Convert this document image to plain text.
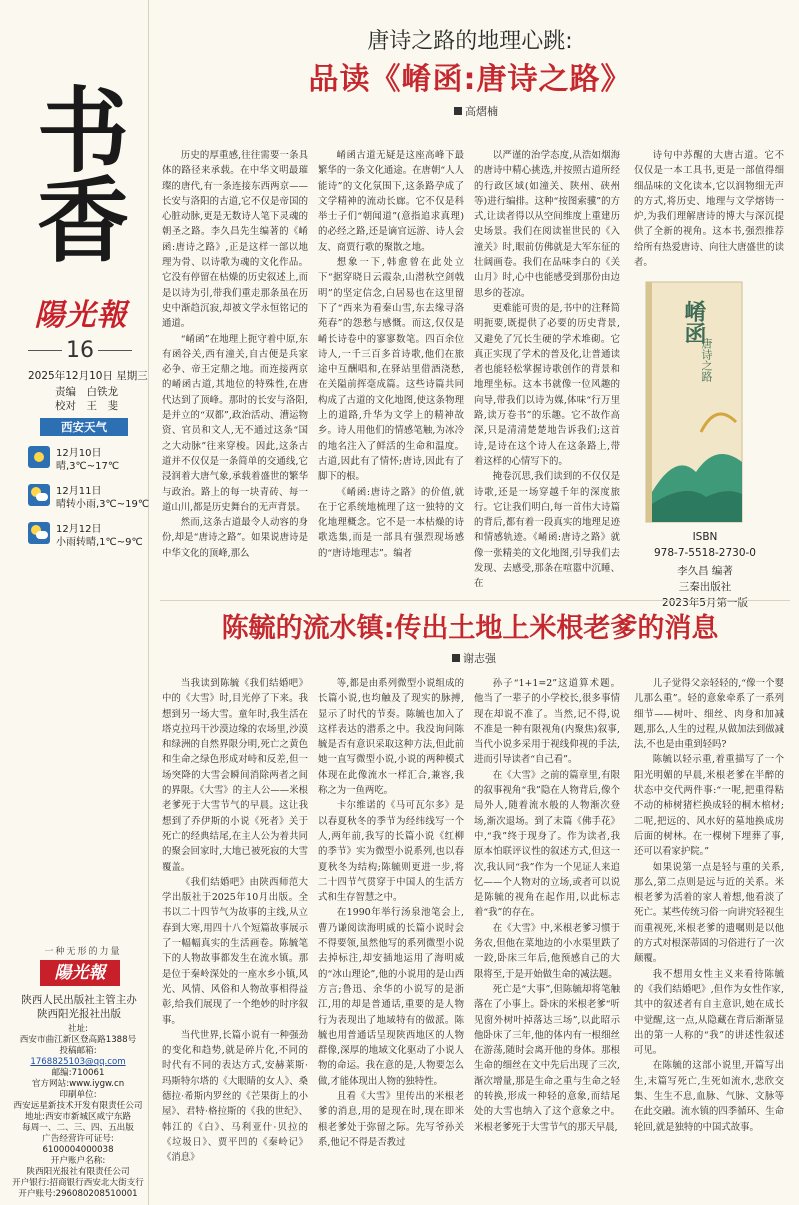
书
香
陽光報
16
2025年12月10日 星期三
责编　白铁龙
校对　王　斐
西安天气
12月10日
晴,3℃~17℃
12月11日
晴转小雨,3℃~19℃
12月12日
小雨转晴,1℃~9℃
一种无形的力量
陽光報
陕西人民出版社主管主办
陕西阳光报社出版
社址:
西安市曲江新区登高路1388号
投稿邮箱:
1768825103@qq.com
邮编:710061
官方网站:www.iygw.cn
印刷单位:
西安远星新技术开发有限责任公司
地址:西安市新城区咸宁东路
每周一、二、三、四、五出版
广告经营许可证号:
6100004000038
开户账户名称:
陕西阳光报社有限责任公司
开户银行:招商银行西安北大街支行
开户账号:296080208510001
唐诗之路的地理心跳:
品读《崤函:唐诗之路》
高熠楠

历史的厚重感,往往需要一条具体的路径来承载。在中华文明最璀璨的唐代,有一条连接东西两京——长安与洛阳的古道,它不仅是帝国的心脏动脉,更是无数诗人笔下灵魂的朝圣之路。李久昌先生编著的《崤函:唐诗之路》,正是这样一部以地理为骨、以诗歌为魂的文化作品。它没有停留在枯燥的历史叙述上,而是以诗为引,带我们重走那条虽在历史中渐趋沉寂,却被文学永恒铭记的通道。

“崤函”在地理上扼守着中原,东有函谷关,西有潼关,自古便是兵家必争、帝王定鼎之地。而连接两京的崤函古道,其地位的特殊性,在唐代达到了顶峰。那时的长安与洛阳,是并立的“双都”,政治活动、漕运物资、官员和文人,无不通过这条“国之大动脉”往来穿梭。因此,这条古道并不仅仅是一条简单的交通线,它浸润着大唐气象,承载着盛世的繁华与政治。路上的每一块青砖、每一道山川,都是历史舞台的无声背景。

然而,这条古道最令人动容的身份,却是“唐诗之路”。如果说唐诗是中华文化的顶峰,那么

崤函古道无疑是这座高峰下最繁华的一条文化通途。在唐朝“人人能诗”的文化氛围下,这条路孕成了文学精神的流动长廊。它不仅是科举士子们“朝闻道”(意指追求真理)的必经之路,还是谪官远游、诗人会友、商贾行歌的聚散之地。

想象一下,韩愈曾在此处立下“据穿晓日云霞杂,山潜秋空剑戟明”的坚定信念,白居易也在这里留下了“西来为看秦山雪,东去缘寻洛苑春”的怨愁与感慨。而这,仅仅是崤长诗卷中的寥寥数笔。四百余位诗人,一千三百多首诗歌,他们在旅途中互酬唱和,在驿站里借酒浇愁,在关隘前挥毫成篇。这些诗篇共同构成了古道的文化地图,使这条物理上的道路,升华为文学上的精神故乡。诗人用他们的情感笔触,为冰冷的地名注入了鲜活的生命和温度。古道,因此有了情怀;唐诗,因此有了脚下的根。

《崤函:唐诗之路》的价值,就在于它系统地梳理了这一独特的文化地理概念。它不是一本枯燥的诗歌选集,而是一部具有强烈现场感的“唐诗地理志”。编者

以严谨的治学态度,从浩如烟海的唐诗中精心挑选,并按照古道所经的行政区域(如潼关、陕州、硖州等)进行编排。这种“按图索骥”的方式,让读者得以从空间维度上重建历史场景。我们在阅读崔世民的《入潼关》时,眼前仿佛就是大军东征的壮阔画卷。我们在品味李白的《关山月》时,心中也能感受到那份由边思乡的苍凉。

更难能可贵的是,书中的注释简明扼要,既提供了必要的历史背景,又避免了冗长生硬的学术堆砌。它真正实现了学术的普及化,让普通读者也能轻松掌握诗歌创作的背景和地理坐标。这本书就像一位风趣的向导,带我们以诗为媒,体味“行万里路,读万卷书”的乐趣。它不故作高深,只是清清楚楚地告诉我们;这首诗,是诗在这个诗人在这条路上,带着这样的心情写下的。

掩卷沉思,我们读到的不仅仅是诗歌,还是一场穿越千年的深度旅行。它让我们明白,每一首伟大诗篇的背后,都有着一段真实的地理足迹和情感轨迹。《崤函:唐诗之路》就像一张精美的文化地图,引导我们去发现、去感受,那条在喧嚣中沉睡、在

诗句中苏醒的大唐古道。它不仅仅是一本工具书,更是一部值得细细品味的文化读本,它以润物细无声的方式,将历史、地理与文学熔铸一炉,为我们理解唐诗的博大与深沉提供了全新的视角。这本书,强烈推荐给所有热爱唐诗、向往大唐盛世的读者。

崤函
唐诗之路
ISBN
978-7-5518-2730-0
李久昌 编著
三秦出版社
2023年5月第一版
陈毓的流水镇:传出土地上米根老爹的消息
谢志强

当我读到陈毓《我们结婚吧》中的《大雪》时,目光停了下来。我想到另一场大雪。童年时,我生活在塔克拉玛干沙漠边缘的农场里,沙漠和绿洲的自然界限分明,死亡之黄色和生命之绿色形成对峙和反差,但一场突降的大雪会瞬间消除两者之间的界限。《大雪》的主人公——米根老爹死于大雪节气的早晨。这让我想到了乔伊斯的小说《死者》关于死亡的经典结尾,在主人公为着共同的聚会回家时,大地已被死寂的大雪覆盖。

《我们结婚吧》由陕西师范大学出版社于2025年10月出版。全书以二十四节气为故事的主线,从立春到大寒,用四十八个短篇故事展示了一幅幅真实的生活画卷。陈毓笔下的人物故事都发生在流水镇。那是位于秦岭深处的一座水乡小镇,风光、风情、风俗和人物故事相得益彰,给我们展现了一个绝妙的时序叙事。

当代世界,长篇小说有一种强劲的变化和趋势,就是碎片化,不同的时代有不同的表达方式,安赫莱斯·玛斯特尔塔的《大眼睛的女人》、桑德拉·希斯内罗丝的《芒果街上的小屋》、君特·格拉斯的《我的世纪》、韩江的《白》、马利亚什·贝拉的《垃圾日》、贾平凹的《秦岭记》《消息》

等,都是由系列微型小说组成的长篇小说,也均触及了现实的脉搏,显示了时代的节奏。陈毓也加入了这样表达的潜系之中。我没询问陈毓是否有意识采取这种方法,但此前她一直写微型小说,小说的两种模式体现在此像流水一样汇合,兼容,我称之为一鱼两吃。

卡尔维诺的《马可瓦尔多》是以春夏秋冬的季节为经纬线写一个人,两年前,我写的长篇小说《红柳的季节》实为微型小说系列,也以春夏秋冬为结构;陈毓则更进一步,将二十四节气贯穿于中国人的生活方式和生存智慧之中。

在1990年举行汤泉池笔会上,曹乃谦阅读海明威的长篇小说时会不得要领,虽然他写的系列微型小说去掉标注,却安插地运用了海明威的“冰山理论”,他的小说用的是山西方言;鲁迅、余华的小说写的是浙江,用的却是普通话,重要的是人物行为表现出了地域特有的做派。陈毓也用普通话呈现陕西地区的人物群像,深厚的地域文化驱动了小说人物的命运。我在意的是,人物要怎么做,才能体现出人物的独特性。

且看《大雪》里传出的米根老爹的消息,用的是现在时,现在即米根老爹处于弥留之际。先写爷孙关系,他记不得是否教过

孙子“1+1=2”这道算术题。他当了一辈子的小学校长,很多事情现在却说不准了。当然,记不得,说不准是一种有限视角(内聚焦)叙事,当代小说多采用于视线仰视的手法,进而引导读者“自己看”。

在《大雪》之前的篇章里,有限的叙事视角“我”隐在人物背后,像个局外人,随着流水般的人物渐次登场,渐次退场。到了末篇《佛手花》中,“我”终于现身了。作为读者,我原本怕联评议性的叙述方式,但这一次,我认同“我”作为一个见证人来追忆——个人物对的立场,或者可以说是陈毓的视角在起作用,以此标志着“我”的存在。

在《大雪》中,米根老爹习惯于务农,但他在菜地边的小水渠里跌了一跤,卧床三年后,他预感自己的大限将至,于是开始做生命的减法题。

死亡是“大事”,但陈毓却将笔触落在了小事上。卧床的米根老爹“听见窗外树叶掉落达三场”,以此昭示他卧床了三年,他的体内有一根细丝在游荡,随时会离开他的身体。那根生命的细丝在文中先后出现了三次,渐次增量,那是生命之重与生命之轻的转换,形成一种轻的意象,而结尾处的大雪也纳入了这个意象之中。米根老爹死于大雪节气的那天早晨,

儿子觉得父亲轻轻的,“像一个婴儿那么重”。轻的意象牵系了一系列细节——树叶、细丝、肉身和加减题,那么,人生的过程,从做加法到做减法,不也是由重到轻吗?

陈毓以轻示重,着重描写了一个阳光明媚的早晨,米根老爹在半醉的状态中交代两件事:“一呢,把重得粘不动的柿树猪栏换成轻的桐木棺材;二呢,把远的、风水好的墓地换成房后面的树林。在一棵树下埋葬了事,还可以看家护院。”

如果说第一点是轻与重的关系,那么,第二点则是远与近的关系。米根老爹为活着的家人着想,他看淡了死亡。某些传统习俗一向讲究轻视生而重视死,米根老爹的遗嘱则是以他的方式对根深蒂固的习俗进行了一次颠覆。

我不想用女性主义来看待陈毓的《我们结婚吧》,但作为女性作家,其中的叙述者有自主意识,她在成长中觉醒,这一点,从隐藏在背后渐渐显出的第一人称的“我”的讲述性叙述可见。

在陈毓的这部小说里,开篇写出生,末篇写死亡,生死如流水,悲欣交集、生生不息,血脉、气脉、文脉等在此交融。流水镇的四季循环、生命轮回,就是独特的中国式故事。
